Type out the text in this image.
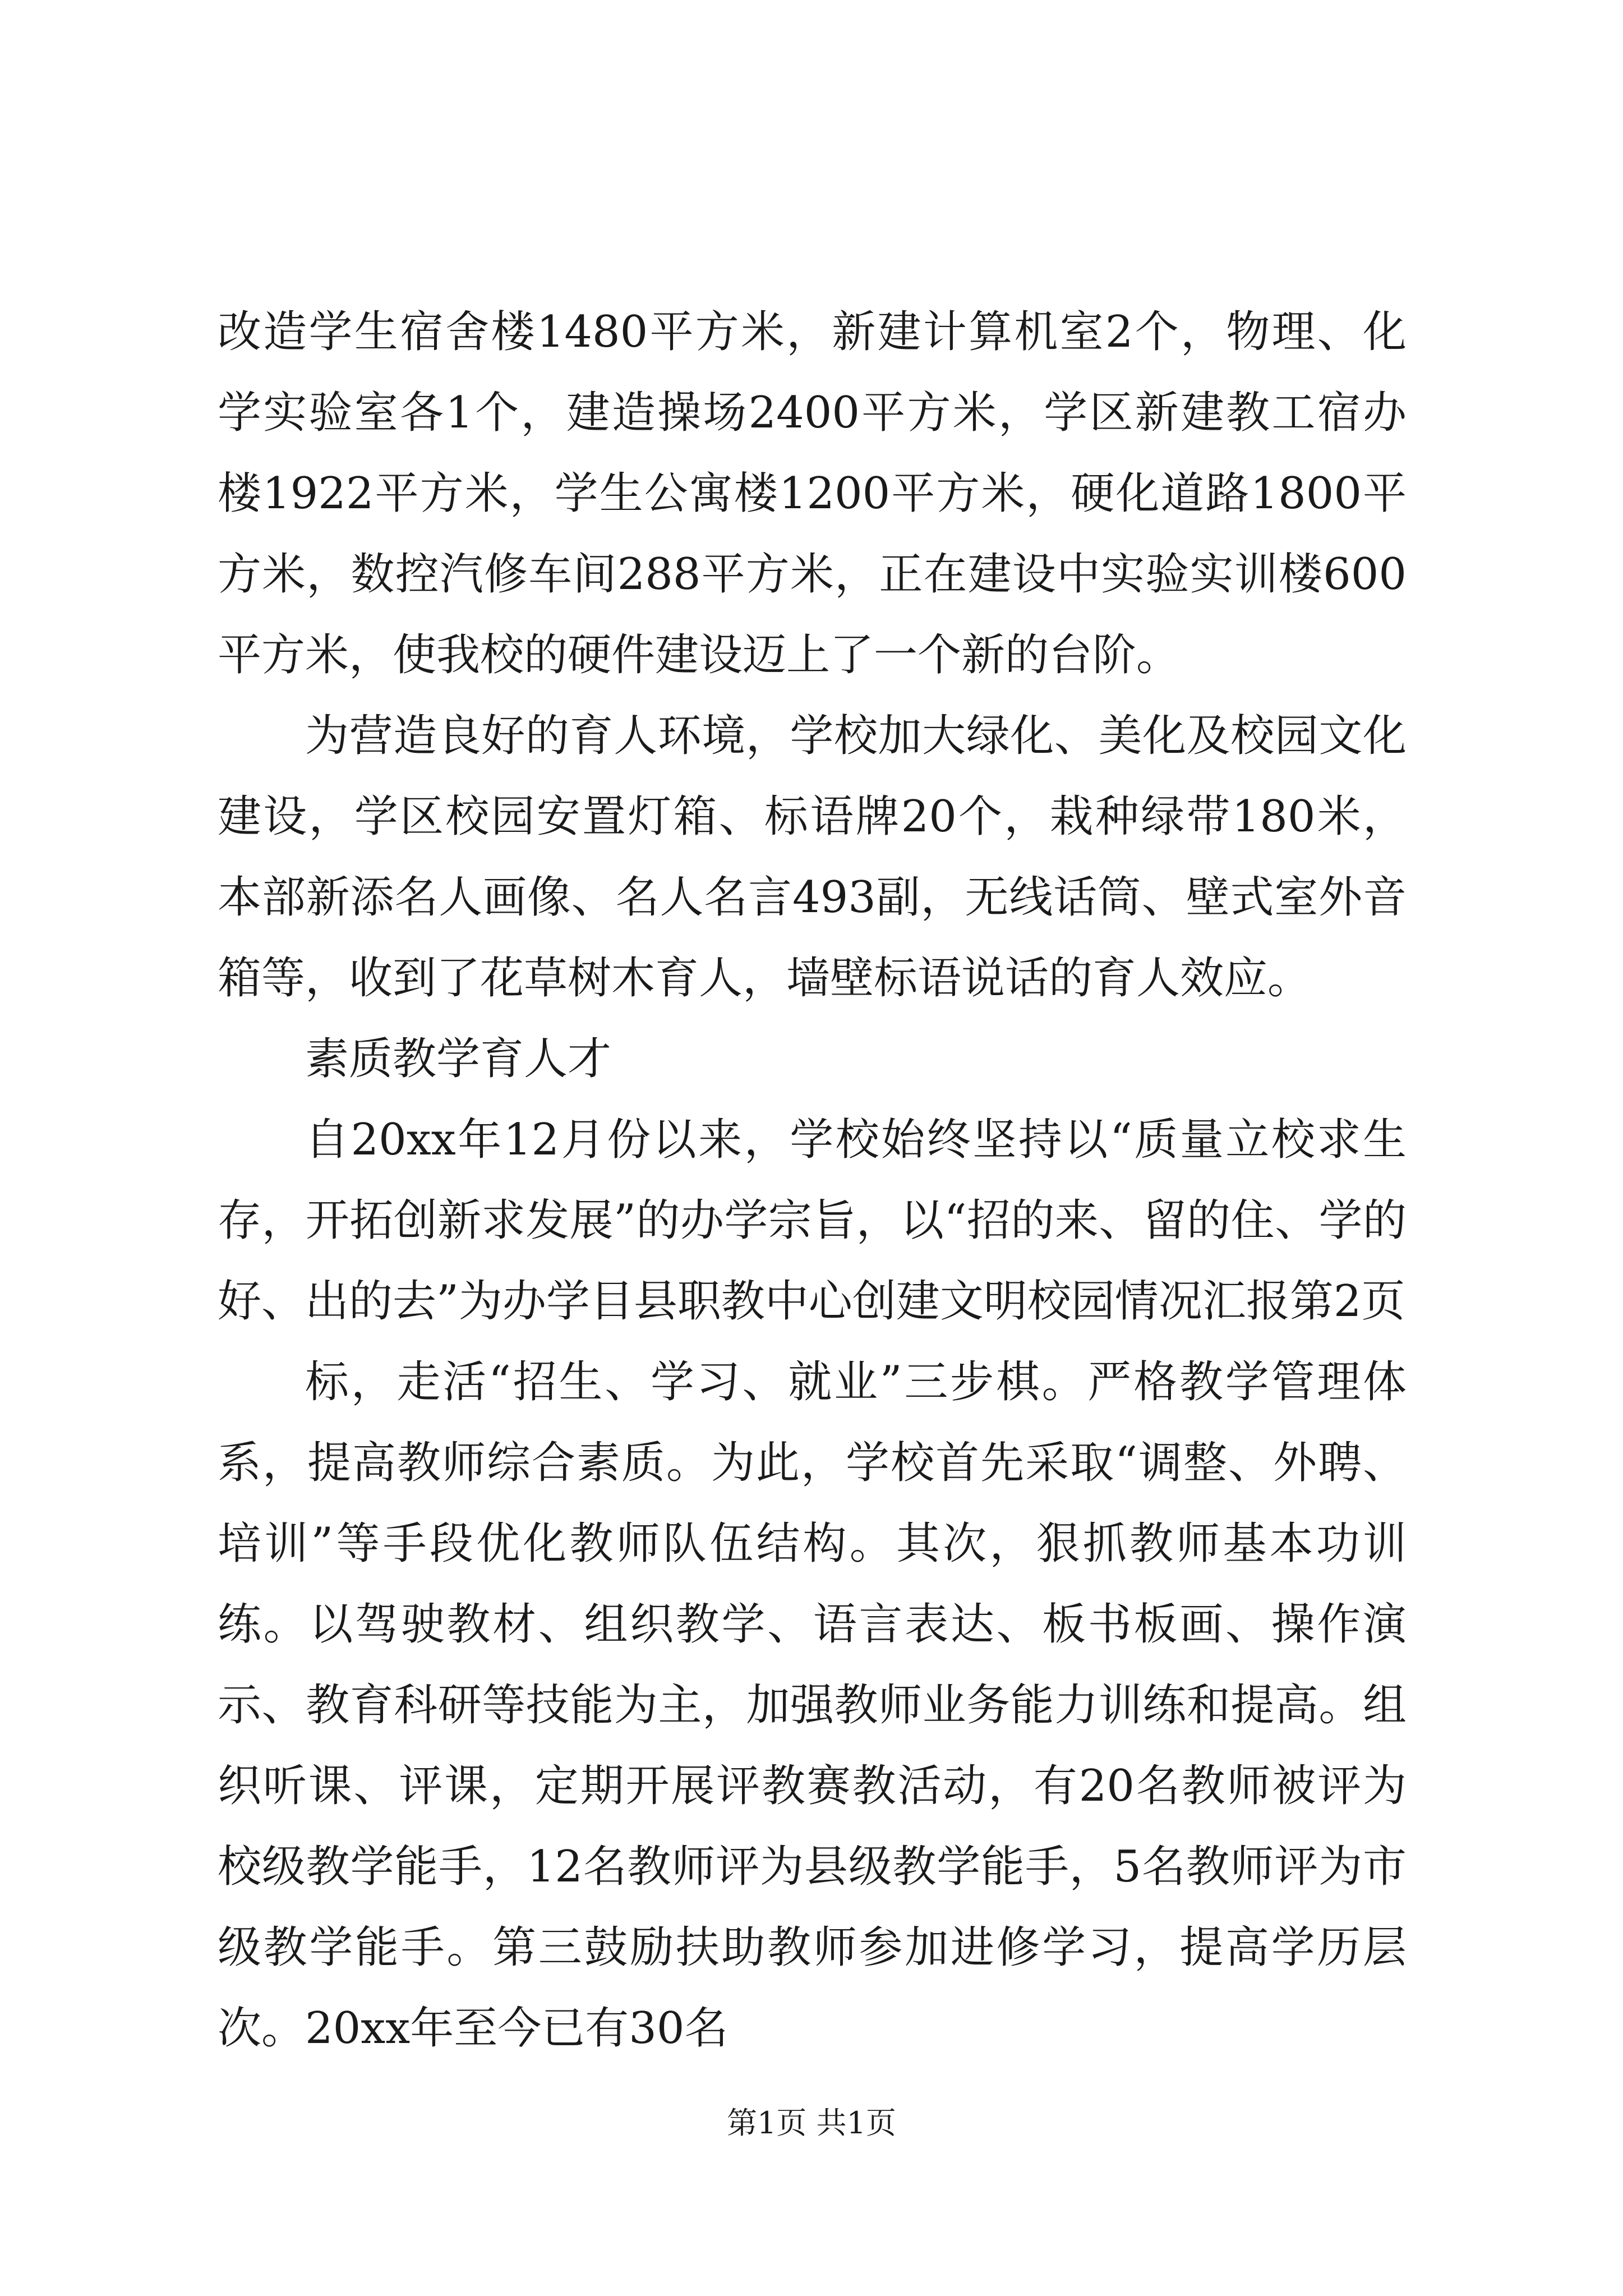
改造学生宿舍楼1480平方米，新建计算机室2个，物理、化学实验室各1个，建造操场2400平方米，学区新建教工宿办楼1922平方米，学生公寓楼1200平方米，硬化道路1800平方米，数控汽修车间288平方米，正在建设中实验实训楼600平方米，使我校的硬件建设迈上了一个新的台阶。

为营造良好的育人环境，学校加大绿化、美化及校园文化建设，学区校园安置灯箱、标语牌20个，栽种绿带180米，本部新添名人画像、名人名言493副，无线话筒、壁式室外音箱等，收到了花草树木育人，墙壁标语说话的育人效应。

素质教学育人才

自20xx年12月份以来，学校始终坚持以“质量立校求生存，开拓创新求发展”的办学宗旨，以“招的来、留的住、学的好、出的去”为办学目县职教中心创建文明校园情况汇报第2页

标，走活“招生、学习、就业”三步棋。严格教学管理体系，提高教师综合素质。为此，学校首先采取“调整、外聘、培训”等手段优化教师队伍结构。其次，狠抓教师基本功训练。以驾驶教材、组织教学、语言表达、板书板画、操作演示、教育科研等技能为主，加强教师业务能力训练和提高。组织听课、评课，定期开展评教赛教活动，有20名教师被评为校级教学能手，12名教师评为县级教学能手，5名教师评为市级教学能手。第三鼓励扶助教师参加进修学习，提高学历层次。20xx年至今已有30名

第1页 共1页
